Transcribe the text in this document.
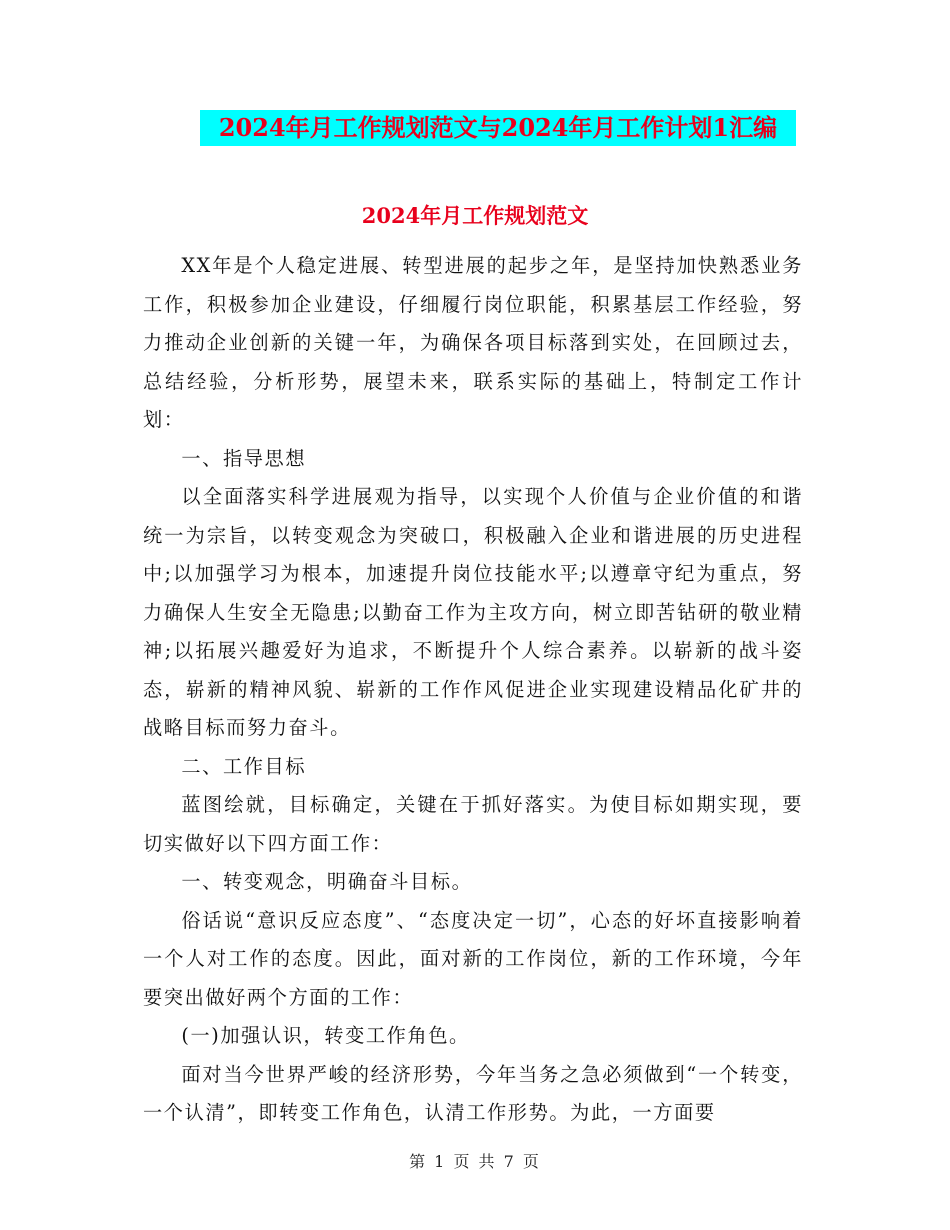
2024年月工作规划范文与2024年月工作计划1汇编
2024年月工作规划范文

XX年是个人稳定进展、转型进展的起步之年，是坚持加快熟悉业务工作，积极参加企业建设，仔细履行岗位职能，积累基层工作经验，努力推动企业创新的关键一年，为确保各项目标落到实处，在回顾过去，总结经验，分析形势，展望未来，联系实际的基础上，特制定工作计划：

一、指导思想

以全面落实科学进展观为指导，以实现个人价值与企业价值的和谐统一为宗旨，以转变观念为突破口，积极融入企业和谐进展的历史进程中;以加强学习为根本，加速提升岗位技能水平;以遵章守纪为重点，努力确保人生安全无隐患;以勤奋工作为主攻方向，树立即苦钻研的敬业精神;以拓展兴趣爱好为追求，不断提升个人综合素养。以崭新的战斗姿态，崭新的精神风貌、崭新的工作作风促进企业实现建设精品化矿井的战略目标而努力奋斗。

二、工作目标

蓝图绘就，目标确定，关键在于抓好落实。为使目标如期实现，要切实做好以下四方面工作：

一、转变观念，明确奋斗目标。

俗话说“意识反应态度”、“态度决定一切”，心态的好坏直接影响着一个人对工作的态度。因此，面对新的工作岗位，新的工作环境，今年要突出做好两个方面的工作：

(一)加强认识，转变工作角色。

面对当今世界严峻的经济形势，今年当务之急必须做到“一个转变，一个认清”，即转变工作角色，认清工作形势。为此，一方面要

第 1 页 共 7 页
